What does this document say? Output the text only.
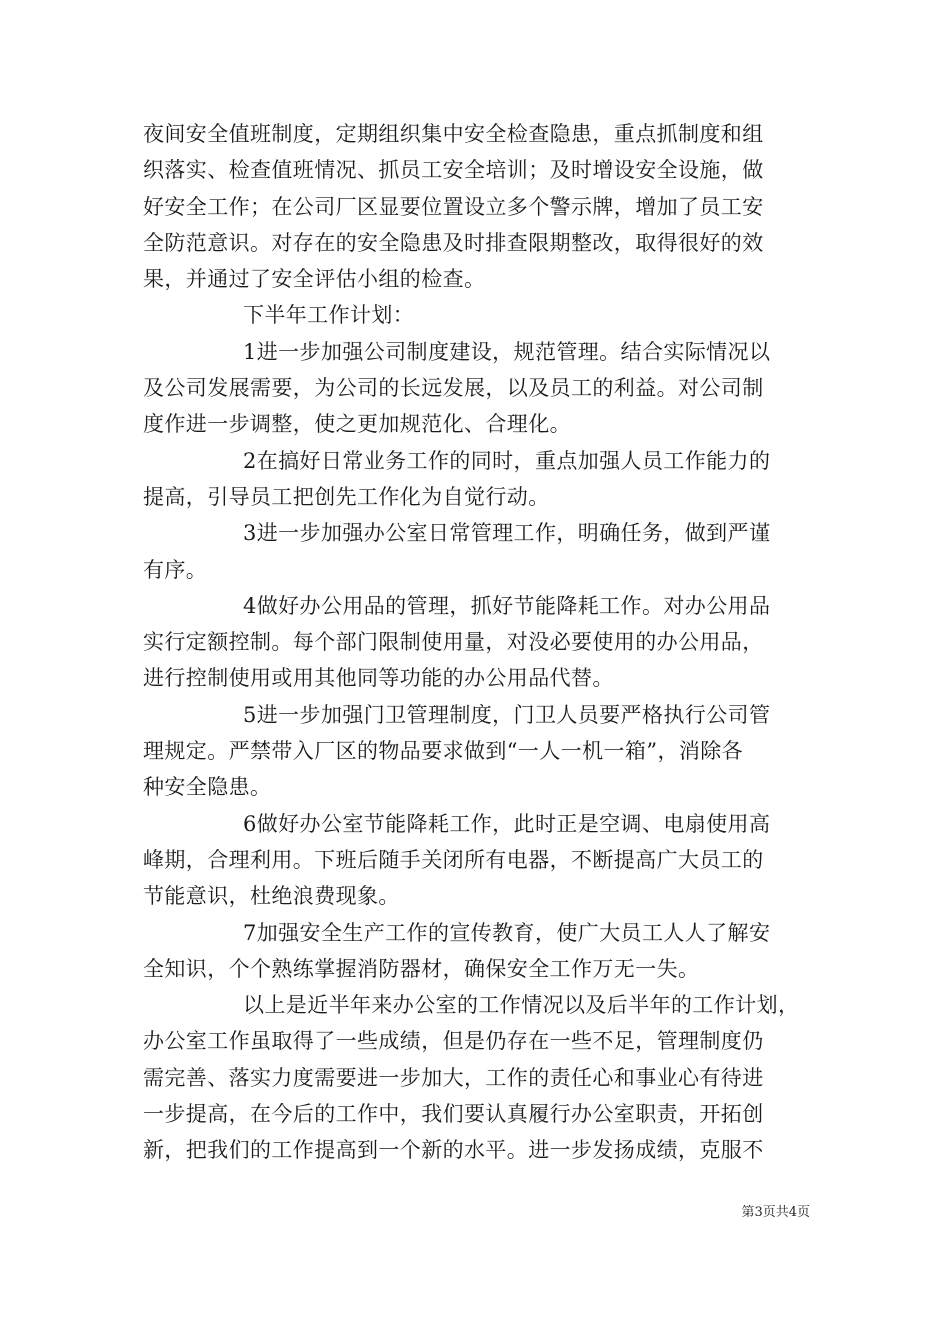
夜间安全值班制度，定期组织集中安全检查隐患，重点抓制度和组
织落实、检查值班情况、抓员工安全培训；及时增设安全设施，做
好安全工作；在公司厂区显要位置设立多个警示牌，增加了员工安
全防范意识。对存在的安全隐患及时排查限期整改，取得很好的效
果，并通过了安全评估小组的检查。
下半年工作计划：
1进一步加强公司制度建设，规范管理。结合实际情况以
及公司发展需要，为公司的长远发展，以及员工的利益。对公司制
度作进一步调整，使之更加规范化、合理化。
2在搞好日常业务工作的同时，重点加强人员工作能力的
提高，引导员工把创先工作化为自觉行动。
3进一步加强办公室日常管理工作，明确任务，做到严谨
有序。
4做好办公用品的管理，抓好节能降耗工作。对办公用品
实行定额控制。每个部门限制使用量，对没必要使用的办公用品，
进行控制使用或用其他同等功能的办公用品代替。
5进一步加强门卫管理制度，门卫人员要严格执行公司管
理规定。严禁带入厂区的物品要求做到“一人一机一箱”，消除各
种安全隐患。
6做好办公室节能降耗工作，此时正是空调、电扇使用高
峰期，合理利用。下班后随手关闭所有电器，不断提高广大员工的
节能意识，杜绝浪费现象。
7加强安全生产工作的宣传教育，使广大员工人人了解安
全知识，个个熟练掌握消防器材，确保安全工作万无一失。
以上是近半年来办公室的工作情况以及后半年的工作计划，
办公室工作虽取得了一些成绩，但是仍存在一些不足，管理制度仍
需完善、落实力度需要进一步加大，工作的责任心和事业心有待进
一步提高，在今后的工作中，我们要认真履行办公室职责，开拓创
新，把我们的工作提高到一个新的水平。进一步发扬成绩，克服不
第3页共4页
